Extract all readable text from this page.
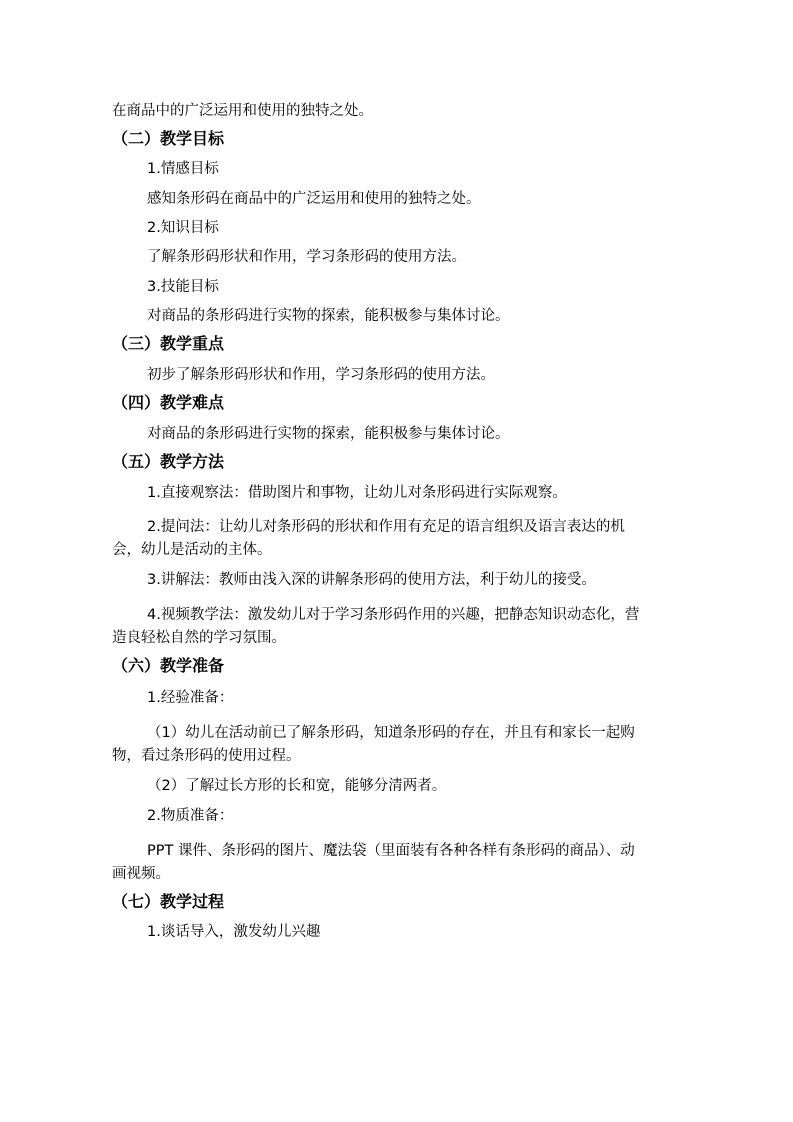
在商品中的广泛运用和使用的独特之处。
（二）教学目标
1.情感目标
感知条形码在商品中的广泛运用和使用的独特之处。
2.知识目标
了解条形码形状和作用，学习条形码的使用方法。
3.技能目标
对商品的条形码进行实物的探索，能积极参与集体讨论。
（三）教学重点
初步了解条形码形状和作用，学习条形码的使用方法。
（四）教学难点
对商品的条形码进行实物的探索，能积极参与集体讨论。
（五）教学方法
1.直接观察法：借助图片和事物，让幼儿对条形码进行实际观察。
2.提问法：让幼儿对条形码的形状和作用有充足的语言组织及语言表达的机
会，幼儿是活动的主体。
3.讲解法：教师由浅入深的讲解条形码的使用方法，利于幼儿的接受。
4.视频教学法：激发幼儿对于学习条形码作用的兴趣，把静态知识动态化，营
造良轻松自然的学习氛围。
（六）教学准备
1.经验准备：
（1）幼儿在活动前已了解条形码，知道条形码的存在，并且有和家长一起购
物，看过条形码的使用过程。
（2）了解过长方形的长和宽，能够分清两者。
2.物质准备：
PPT 课件、条形码的图片、魔法袋（里面装有各种各样有条形码的商品）、动
画视频。
（七）教学过程
1.谈话导入，激发幼儿兴趣
